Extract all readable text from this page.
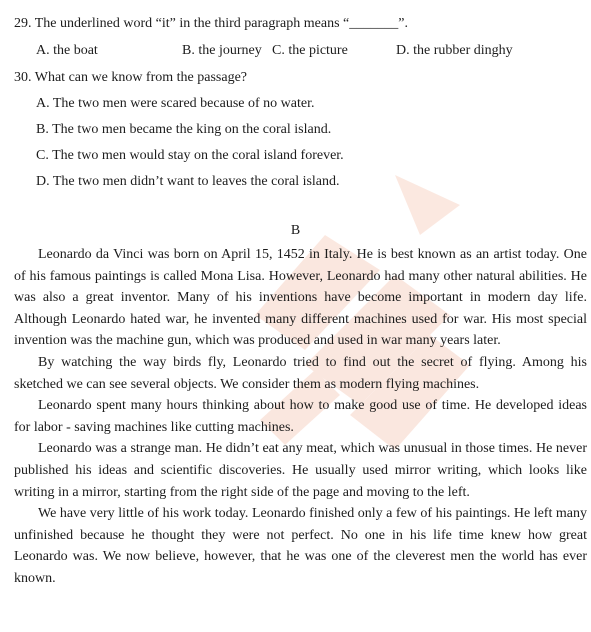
29. The underlined word “it” in the third paragraph means “_______”.
A. the boat	B. the journey C. the picture	D. the rubber dinghy
30. What can we know from the passage?
A. The two men were scared because of no water.
B. The two men became the king on the coral island.
C. The two men would stay on the coral island forever.
D. The two men didn’t want to leaves the coral island.
B

Leonardo da Vinci was born on April 15, 1452 in Italy. He is best known as an artist today. One of his famous paintings is called Mona Lisa. However, Leonardo had many other natural abilities. He was also a great inventor. Many of his inventions have become important in modern day life. Although Leonardo hated war, he invented many different machines used for war. His most special invention was the machine gun, which was produced and used in war many years later.

By watching the way birds fly, Leonardo tried to find out the secret of flying. Among his sketched we can see several objects. We consider them as modern flying machines.

Leonardo spent many hours thinking about how to make good use of time. He developed ideas for labor - saving machines like cutting machines.

Leonardo was a strange man. He didn’t eat any meat, which was unusual in those times. He never published his ideas and scientific discoveries. He usually used mirror writing, which looks like writing in a mirror, starting from the right side of the page and moving to the left.

We have very little of his work today. Leonardo finished only a few of his paintings. He left many unfinished because he thought they were not perfect. No one in his life time knew how great Leonardo was. We now believe, however, that he was one of the cleverest men the world has ever known.
